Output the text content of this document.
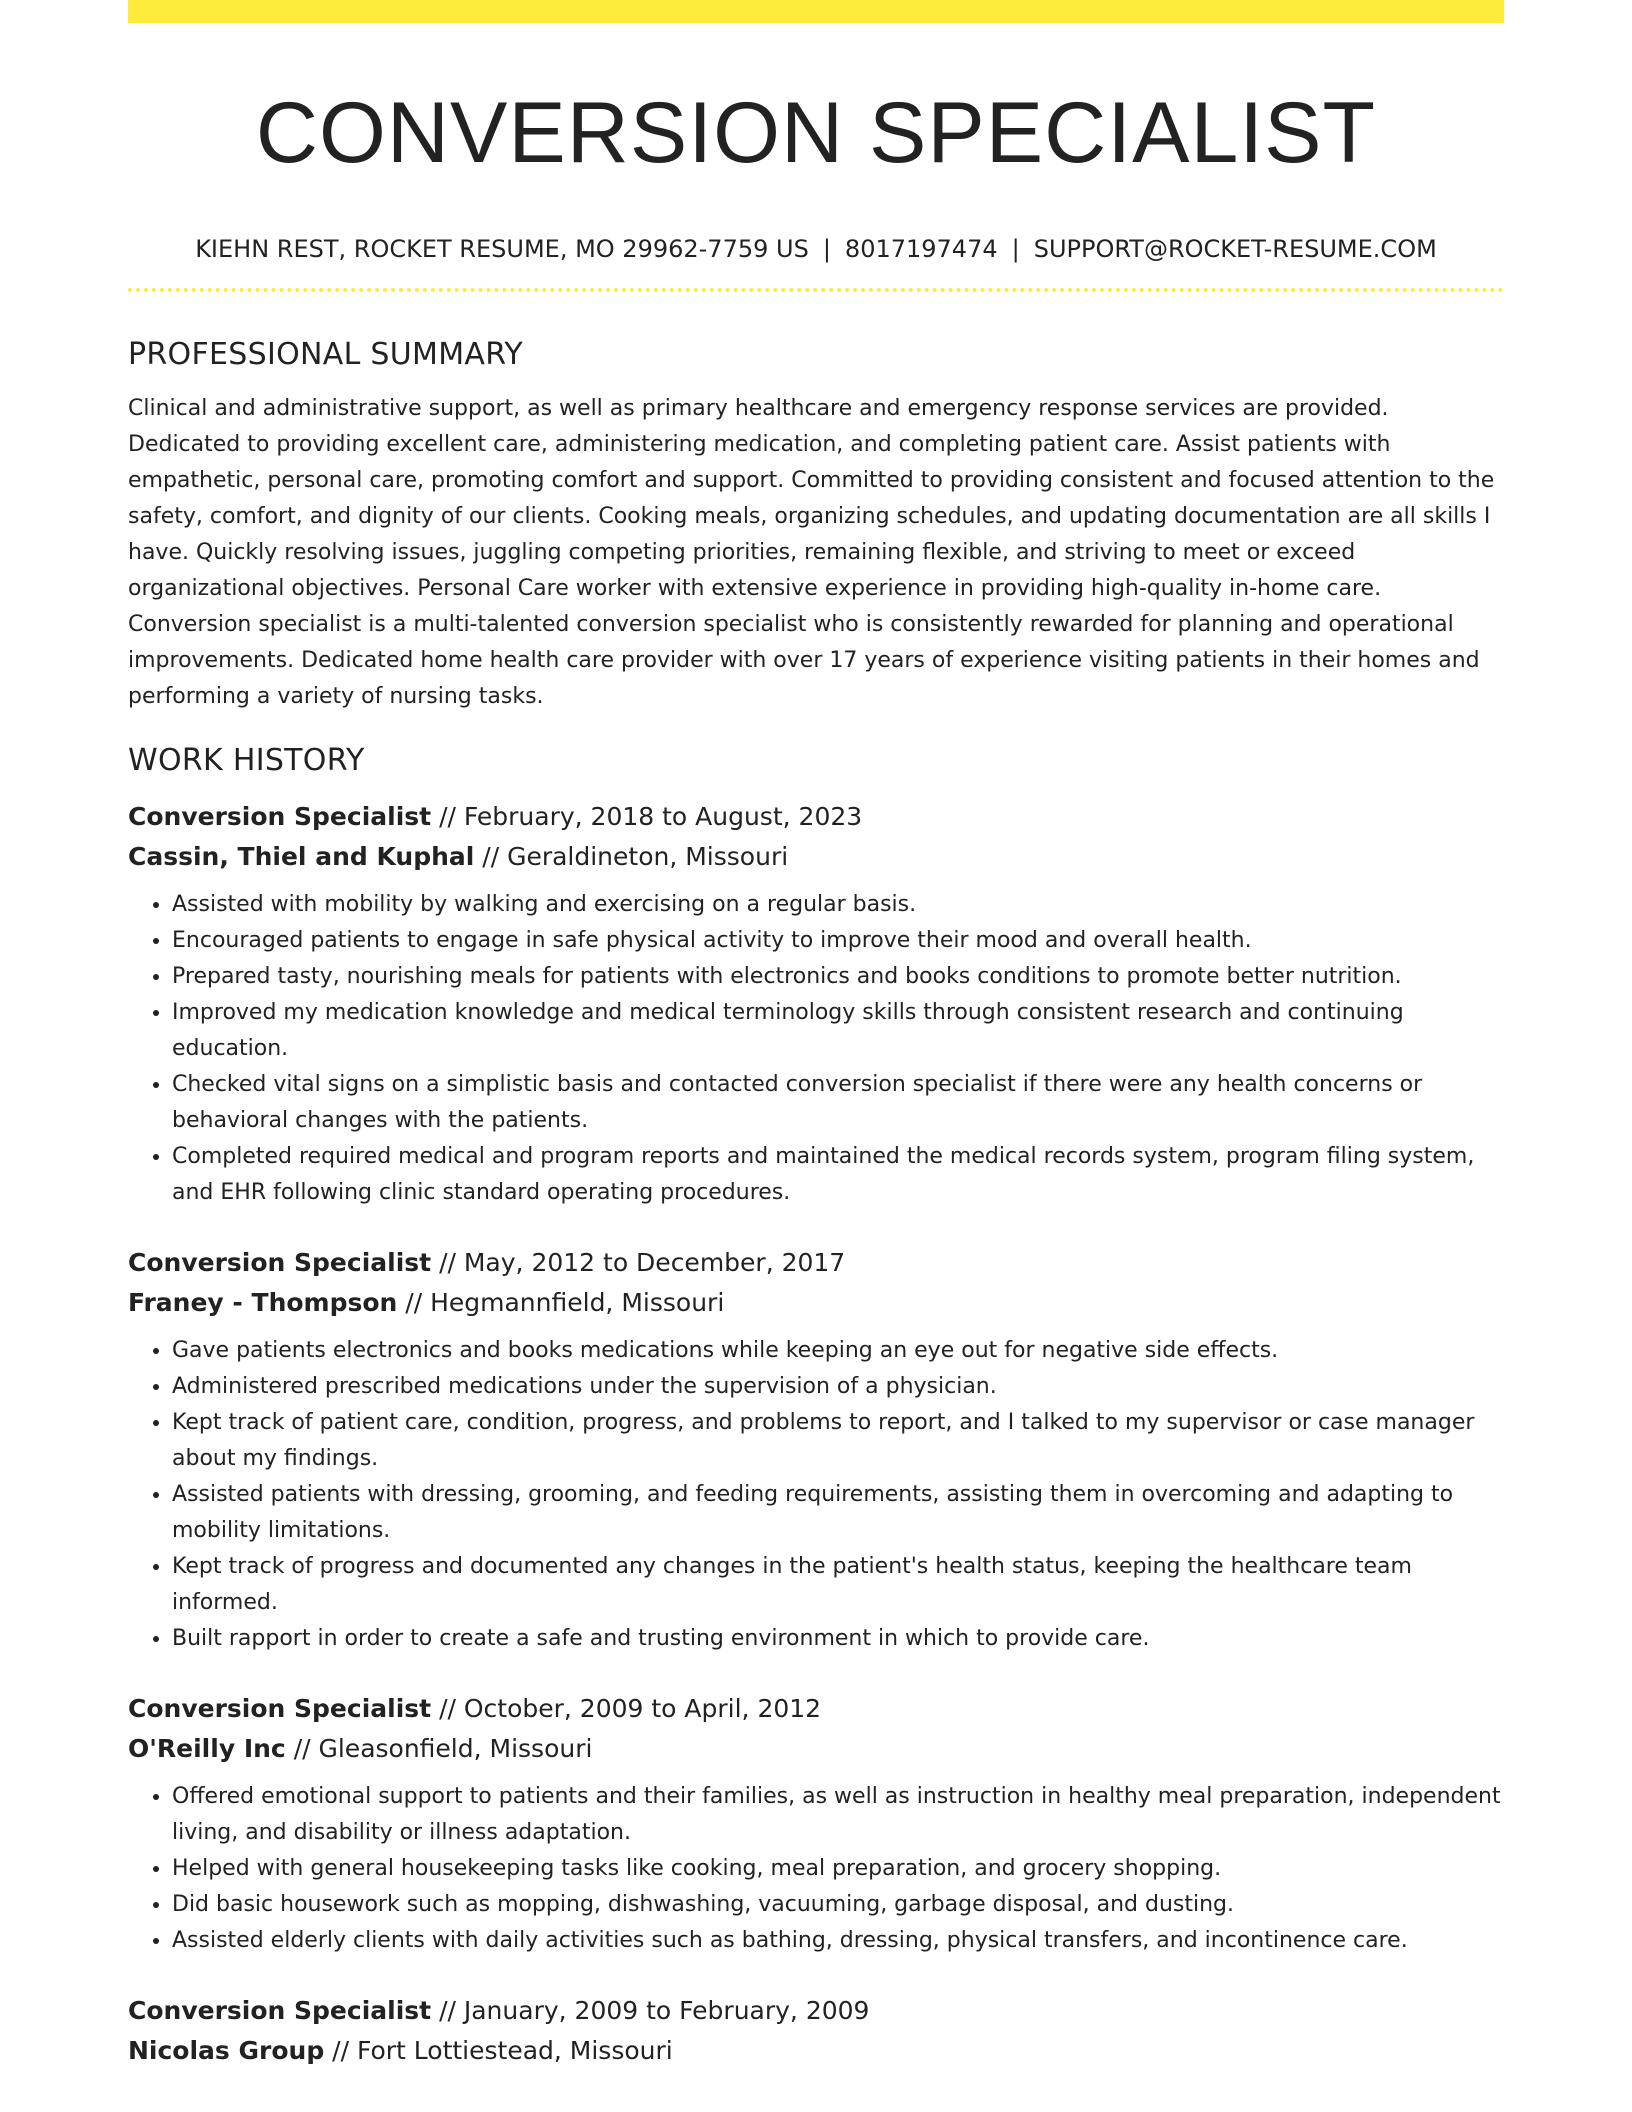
CONVERSION SPECIALIST
KIEHN REST, ROCKET RESUME, MO 29962-7759 US | 8017197474 | SUPPORT@ROCKET-RESUME.COM
PROFESSIONAL SUMMARY
Clinical and administrative support, as well as primary healthcare and emergency response services are provided. Dedicated to providing excellent care, administering medication, and completing patient care. Assist patients with empathetic, personal care, promoting comfort and support. Committed to providing consistent and focused attention to the safety, comfort, and dignity of our clients. Cooking meals, organizing schedules, and updating documentation are all skills I have. Quickly resolving issues, juggling competing priorities, remaining flexible, and striving to meet or exceed organizational objectives. Personal Care worker with extensive experience in providing high-quality in-home care. Conversion specialist is a multi-talented conversion specialist who is consistently rewarded for planning and operational improvements. Dedicated home health care provider with over 17 years of experience visiting patients in their homes and performing a variety of nursing tasks.
WORK HISTORY
Conversion Specialist // February, 2018 to August, 2023
Cassin, Thiel and Kuphal // Geraldineton, Missouri
• Assisted with mobility by walking and exercising on a regular basis.
• Encouraged patients to engage in safe physical activity to improve their mood and overall health.
• Prepared tasty, nourishing meals for patients with electronics and books conditions to promote better nutrition.
• Improved my medication knowledge and medical terminology skills through consistent research and continuing education.
• Checked vital signs on a simplistic basis and contacted conversion specialist if there were any health concerns or behavioral changes with the patients.
• Completed required medical and program reports and maintained the medical records system, program filing system, and EHR following clinic standard operating procedures.
Conversion Specialist // May, 2012 to December, 2017
Franey - Thompson // Hegmannfield, Missouri
• Gave patients electronics and books medications while keeping an eye out for negative side effects.
• Administered prescribed medications under the supervision of a physician.
• Kept track of patient care, condition, progress, and problems to report, and I talked to my supervisor or case manager about my findings.
• Assisted patients with dressing, grooming, and feeding requirements, assisting them in overcoming and adapting to mobility limitations.
• Kept track of progress and documented any changes in the patient's health status, keeping the healthcare team informed.
• Built rapport in order to create a safe and trusting environment in which to provide care.
Conversion Specialist // October, 2009 to April, 2012
O'Reilly Inc // Gleasonfield, Missouri
• Offered emotional support to patients and their families, as well as instruction in healthy meal preparation, independent living, and disability or illness adaptation.
• Helped with general housekeeping tasks like cooking, meal preparation, and grocery shopping.
• Did basic housework such as mopping, dishwashing, vacuuming, garbage disposal, and dusting.
• Assisted elderly clients with daily activities such as bathing, dressing, physical transfers, and incontinence care.
Conversion Specialist // January, 2009 to February, 2009
Nicolas Group // Fort Lottiestead, Missouri
